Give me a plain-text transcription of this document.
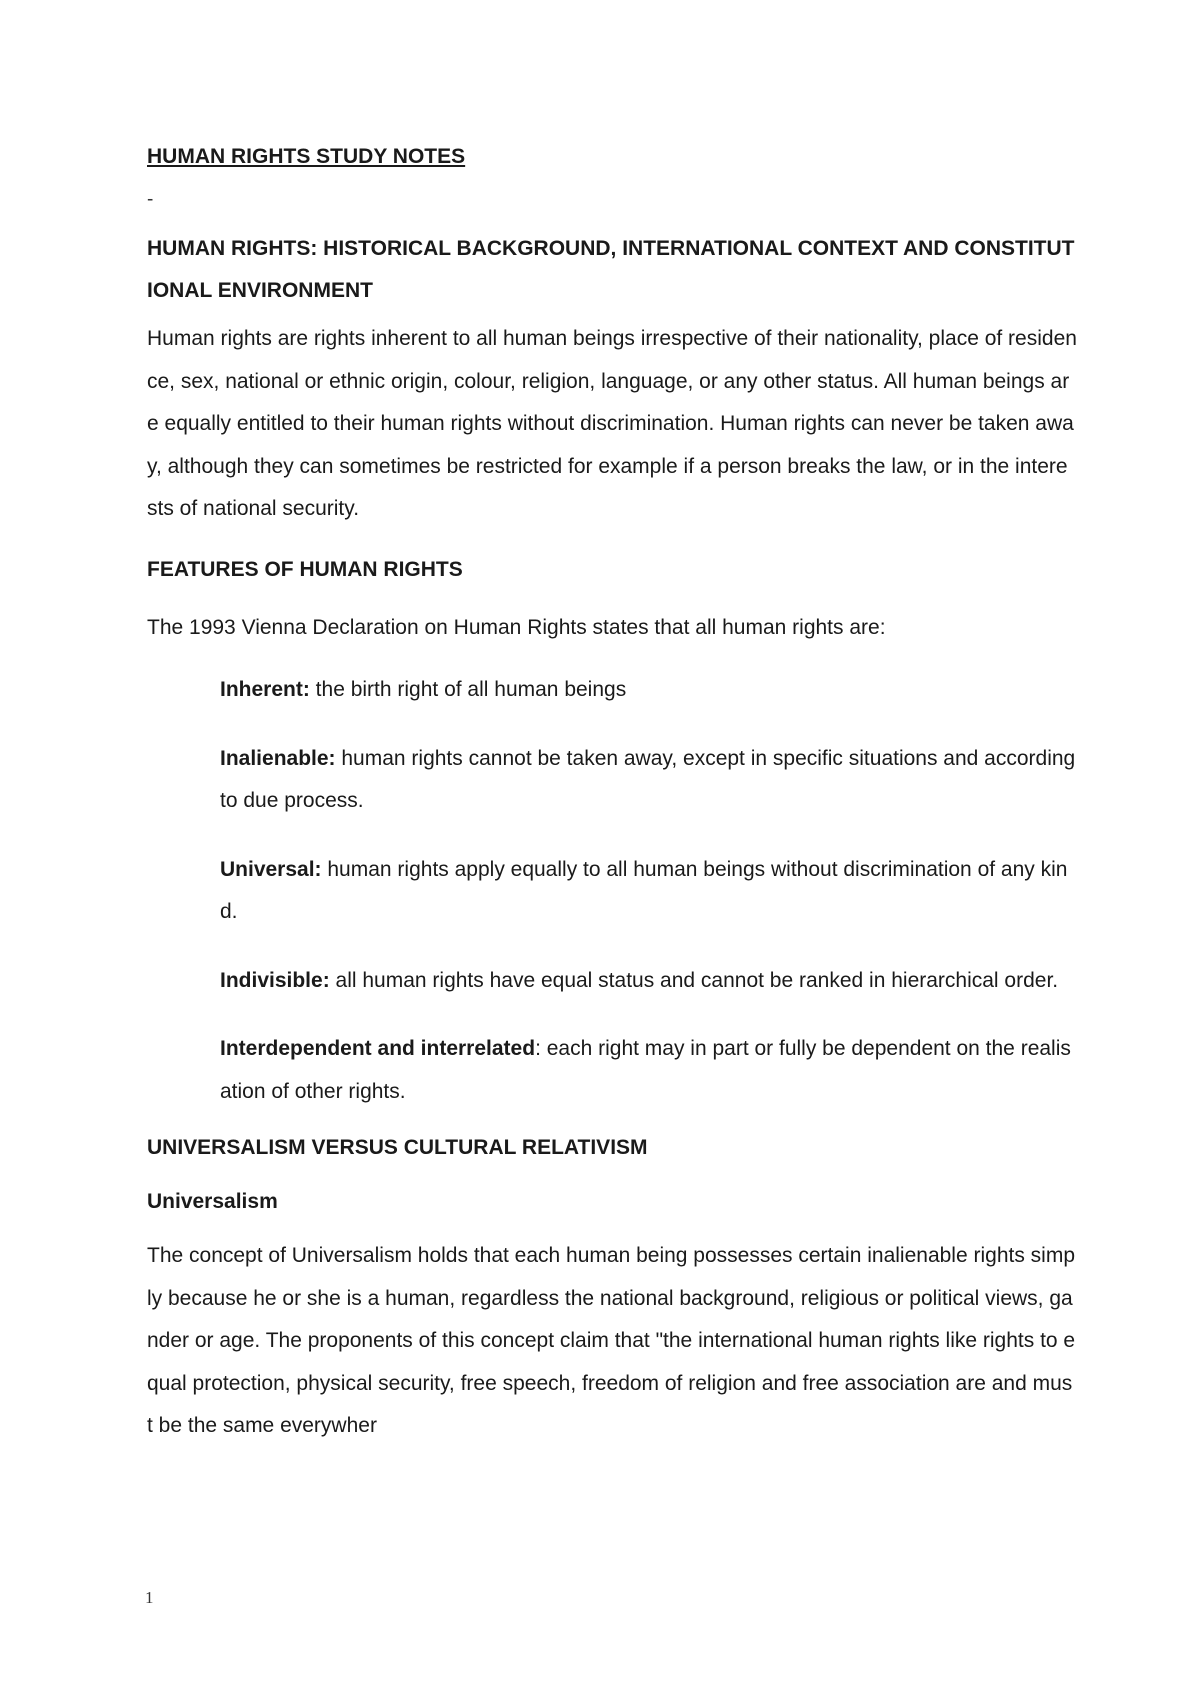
HUMAN RIGHTS STUDY NOTES
-
HUMAN RIGHTS: HISTORICAL BACKGROUND, INTERNATIONAL CONTEXT AND CONSTITUTIONAL ENVIRONMENT

Human rights are rights inherent to all human beings irrespective of their nationality, place of residence, sex, national or ethnic origin, colour, religion, language, or any other status. All human beings are equally entitled to their human rights without discrimination. Human rights can never be taken away, although they can sometimes be restricted for example if a person breaks the law, or in the interests of national security.

FEATURES OF HUMAN RIGHTS

The 1993 Vienna Declaration on Human Rights states that all human rights are:

Inherent: the birth right of all human beings

Inalienable: human rights cannot be taken away, except in specific situations and according to due process.

Universal: human rights apply equally to all human beings without discrimination of any kind.

Indivisible: all human rights have equal status and cannot be ranked in hierarchical order.

Interdependent and interrelated: each right may in part or fully be dependent on the realisation of other rights.

UNIVERSALISM VERSUS CULTURAL RELATIVISM
Universalism

The concept of Universalism holds that each human being possesses certain inalienable rights simply because he or she is a human, regardless the national background, religious or political views, gander or age. The proponents of this concept claim that "the international human rights like rights to equal protection, physical security, free speech, freedom of religion and free association are and must be the same everywher

1
